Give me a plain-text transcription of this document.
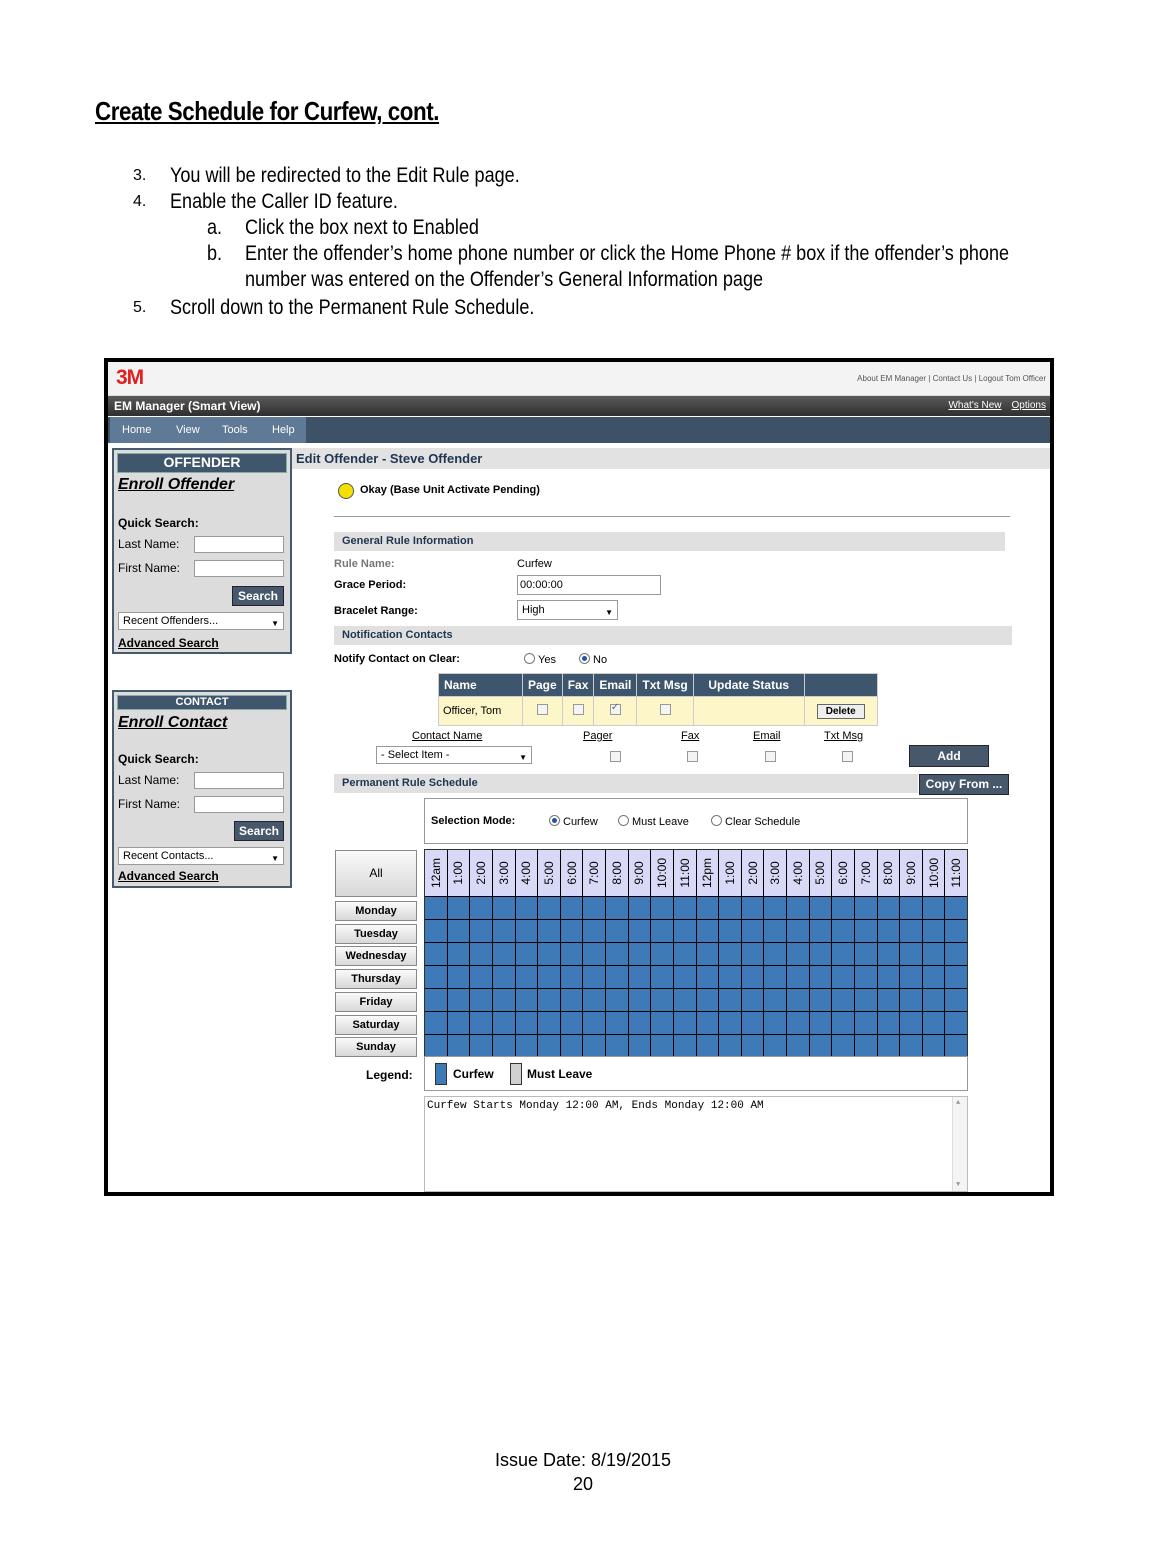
Create Schedule for Curfew, cont.
3. You will be redirected to the Edit Rule page.
4. Enable the Caller ID feature.
a. Click the box next to Enabled
b. Enter the offender’s home phone number or click the Home Phone # box if the offender’s phone
number was entered on the Offender’s General Information page
5. Scroll down to the Permanent Rule Schedule.
3M	About EM Manager | Contact Us | Logout Tom Officer
EM Manager (Smart View)	What's New Options
Home View Tools Help
OFFENDER
Enroll Offender
Quick Search:
Last Name:
First Name:
Search
Recent Offenders...	▼
Advanced Search
CONTACT
Enroll Contact
Quick Search:
Last Name:
First Name:
Search
Recent Contacts...	▼
Advanced Search
Edit Offender - Steve Offender
Okay (Base Unit Activate Pending)
General Rule Information
Rule Name:	Curfew
Grace Period:	00:00:00
Bracelet Range:	High	▼
Notification Contacts
Notify Contact on Clear:	Yes	No
Name	Page	Fax	Email	Txt Msg	Update Status	
Officer, Tom			✓			Delete
Contact Name	Pager	Fax	Email	Txt Msg
- Select Item -	▼	Add
Permanent Rule Schedule	Copy From ...
Selection Mode:	Curfew	Must Leave	Clear Schedule
All
Monday
Tuesday
Wednesday
Thursday
Friday
Saturday
Sunday
12am 1:00 2:00 3:00 4:00 5:00 6:00 7:00 8:00 9:00 10:00 11:00 12pm 1:00 2:00 3:00 4:00 5:00 6:00 7:00 8:00 9:00 10:00 11:00
Legend:	Curfew	Must Leave
Curfew Starts Monday 12:00 AM, Ends Monday 12:00 AM	▲
▼
Issue Date: 8/19/2015
20
